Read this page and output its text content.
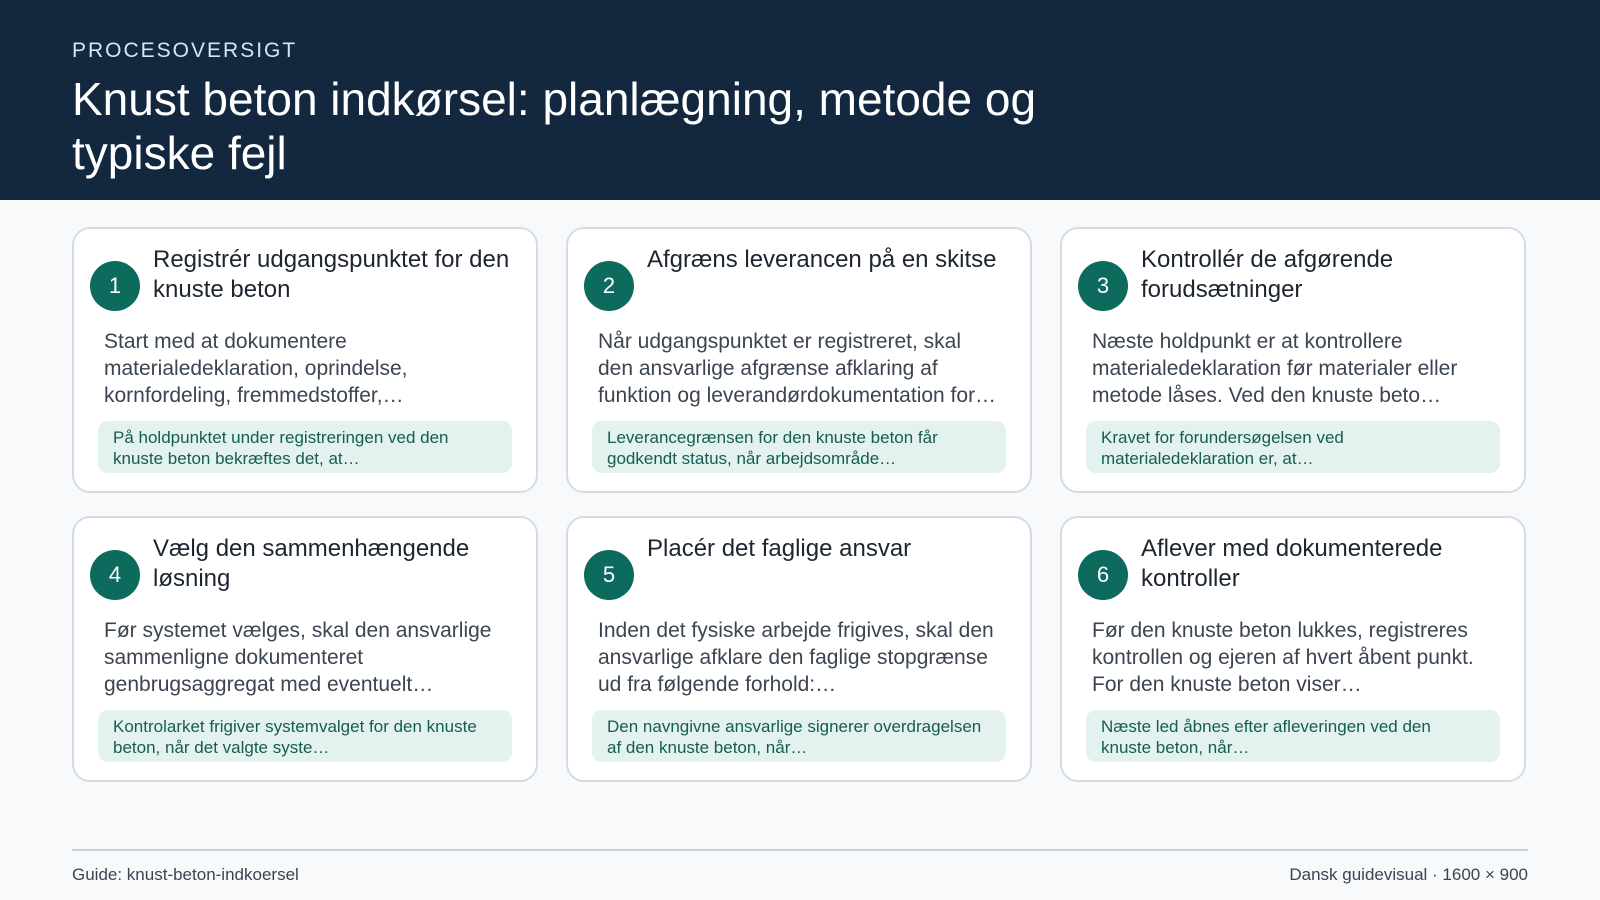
PROCESOVERSIGT
Knust beton indkørsel: planlægning, metode og typiske fejl
1
Registrér udgangspunktet for den knuste beton
Start med at dokumentere materialedeklaration, oprindelse, kornfordeling, fremmedstoffer,…
På holdpunktet under registreringen ved den knuste beton bekræftes det, at…
2
Afgræns leverancen på en skitse
Når udgangspunktet er registreret, skal den ansvarlige afgrænse afklaring af funktion og leverandørdokumentation for…
Leverancegrænsen for den knuste beton får godkendt status, når arbejdsområde…
3
Kontrollér de afgørende forudsætninger
Næste holdpunkt er at kontrollere materialedeklaration før materialer eller metode låses. Ved den knuste beto…
Kravet for forundersøgelsen ved materialedeklaration er, at…
4
Vælg den sammenhængende løsning
Før systemet vælges, skal den ansvarlige sammenligne dokumenteret genbrugsaggregat med eventuelt…
Kontrolarket frigiver systemvalget for den knuste beton, når det valgte syste…
5
Placér det faglige ansvar
Inden det fysiske arbejde frigives, skal den ansvarlige afklare den faglige stopgrænse ud fra følgende forhold:…
Den navngivne ansvarlige signerer overdragelsen af den knuste beton, når…
6
Aflever med dokumenterede kontroller
Før den knuste beton lukkes, registreres kontrollen og ejeren af hvert åbent punkt. For den knuste beton viser…
Næste led åbnes efter afleveringen ved den knuste beton, når…
Guide: knust-beton-indkoersel	Dansk guidevisual · 1600 × 900
